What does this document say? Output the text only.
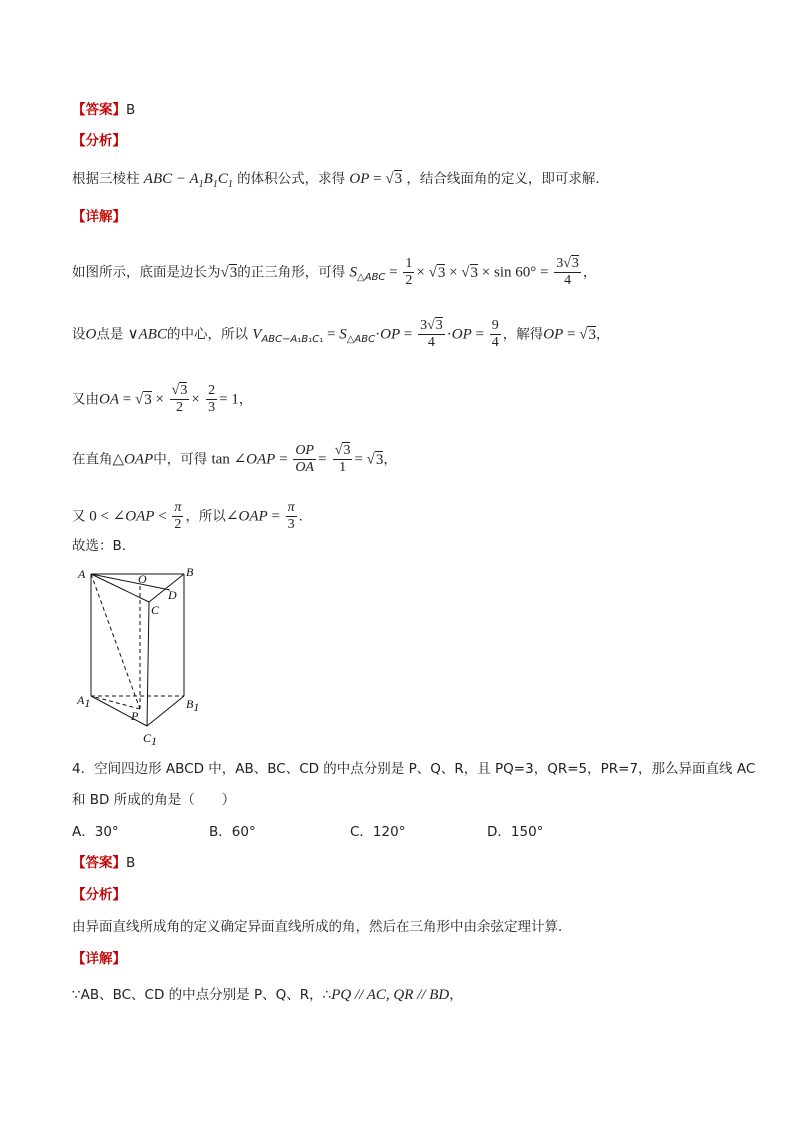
【答案】B
【分析】
根据三棱柱 ABC − $A_1B_1C_1$ 的体积公式，求得 OP = √3 ，结合线面角的定义，即可求解.
【详解】
如图所示，底面是边长为√3的正三角形，可得 $S_{\triangle ABC} = \frac{1}{2} \times √3 \times √3 \times \sin 60^\circ = \frac{3√3}{4}$ ，
设O点是 ∨ABC的中心，所以 $V_{ABC-A_1B_1C_1} = S_{\triangle ABC}\cdot OP = \frac{3√3}{4} \cdot OP = \frac{9}{4}$ ，解得OP = √3，
又由OA = $√3 \times \frac{√3}{2} \times \frac{2}{3} = 1$，
在直角△OAP中，可得 tan ∠OAP = $\frac{OP}{OA} = \frac{√3}{1} = √3$，
又 0 < ∠OAP < $\frac{\pi}{2}$ ，所以∠OAP = $\frac{\pi}{3}$ .
故选：B.
A	O	B
D
C
A1	B1
P
C1
4．空间四边形 ABCD 中，AB、BC、CD 的中点分别是 P、Q、R，且 PQ=3，QR=5，PR=7，那么异面直线 AC
和 BD 所成的角是（　　）
A．30°	B．60°	C．120°	D．150°
【答案】B
【分析】
由异面直线所成角的定义确定异面直线所成的角，然后在三角形中由余弦定理计算．
【详解】
∵AB、BC、CD 的中点分别是 P、Q、R，∴PQ // AC, QR // BD，
